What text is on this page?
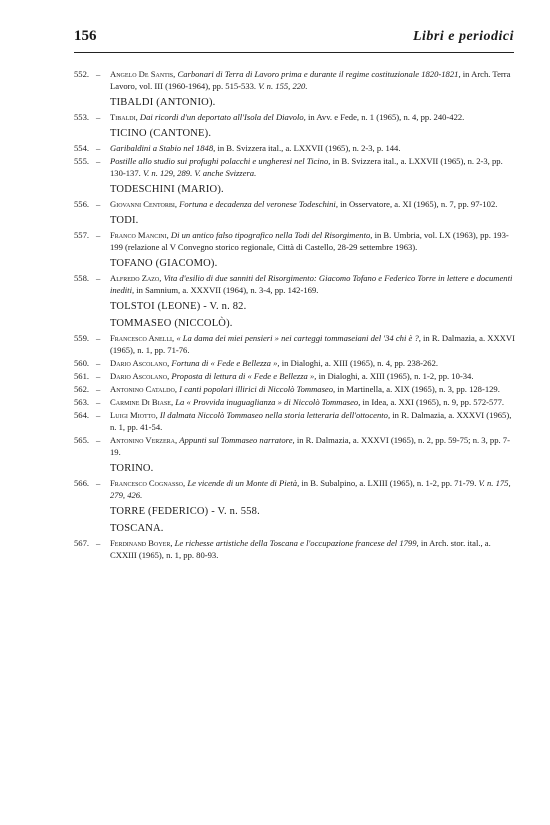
156	Libri e periodici
552. – Angelo De Santis, Carbonari di Terra di Lavoro prima e durante il regime costituzionale 1820-1821, in Arch. Terra Lavoro, vol. III (1960-1964), pp. 515-533. V. n. 155, 220.
TIBALDI (ANTONIO).
553. – Tibaldi, Dai ricordi d'un deportato all'Isola del Diavolo, in Avv. e Fede, n. 1 (1965), n. 4, pp. 240-422.
TICINO (CANTONE).
554. – Garibaldini a Stabio nel 1848, in B. Svizzera ital., a. LXXVII (1965), n. 2-3, p. 144.
555. – Postille allo studio sui profughi polacchi e ungheresi nel Ticino, in B. Svizzera ital., a. LXXVII (1965), n. 2-3, pp. 130-137. V. n. 129, 289. V. anche Svizzera.
TODESCHINI (MARIO).
556. – Giovanni Centorbi, Fortuna e decadenza del veronese Todeschini, in Osservatore, a. XI (1965), n. 7, pp. 97-102.
TODI.
557. – Franco Mancini, Di un antico falso tipografico nella Todi del Risorgimento, in B. Umbria, vol. LX (1963), pp. 193-199 (relazione al V Convegno storico regionale, Città di Castello, 28-29 settembre 1963).
TOFANO (GIACOMO).
558. – Alfredo Zazo, Vita d'esilio di due sanniti del Risorgimento: Giacomo Tofano e Federico Torre in lettere e documenti inediti, in Samnium, a. XXXVII (1964), n. 3-4, pp. 142-169.
TOLSTOI (LEONE) - V. n. 82.
TOMMASEO (NICCOLÒ).
559. – Francesco Anelli, « La dama dei miei pensieri » nei carteggi tommaseiani del '34 chi è ?, in R. Dalmazia, a. XXXVI (1965), n. 1, pp. 71-76.
560. – Dario Ascolano, Fortuna di « Fede e Bellezza », in Dialoghi, a. XIII (1965), n. 4, pp. 238-262.
561. – Dario Ascolano, Proposta di lettura di « Fede e Bellezza », in Dialoghi, a. XIII (1965), n. 1-2, pp. 10-34.
562. – Antonino Cataldo, I canti popolari illirici di Niccolò Tommaseo, in Martinella, a. XIX (1965), n. 3, pp. 128-129.
563. – Carmine Di Biase, La « Provvida inuguaglianza » di Niccolò Tommaseo, in Idea, a. XXI (1965), n. 9, pp. 572-577.
564. – Luigi Miotto, Il dalmata Niccolò Tommaseo nella storia letteraria dell'ottocento, in R. Dalmazia, a. XXXVI (1965), n. 1, pp. 41-54.
565. – Antonino Verzera, Appunti sul Tommaseo narratore, in R. Dalmazia, a. XXXVI (1965), n. 2, pp. 59-75; n. 3, pp. 7-19.
TORINO.
566. – Francesco Cognasso, Le vicende di un Monte di Pietà, in B. Subalpino, a. LXIII (1965), n. 1-2, pp. 71-79. V. n. 175, 279, 426.
TORRE (FEDERICO) - V. n. 558.
TOSCANA.
567. – Ferdinand Boyer, Le richesse artistiche della Toscana e l'occupazione francese del 1799, in Arch. stor. ital., a. CXXIII (1965), n. 1, pp. 80-93.
